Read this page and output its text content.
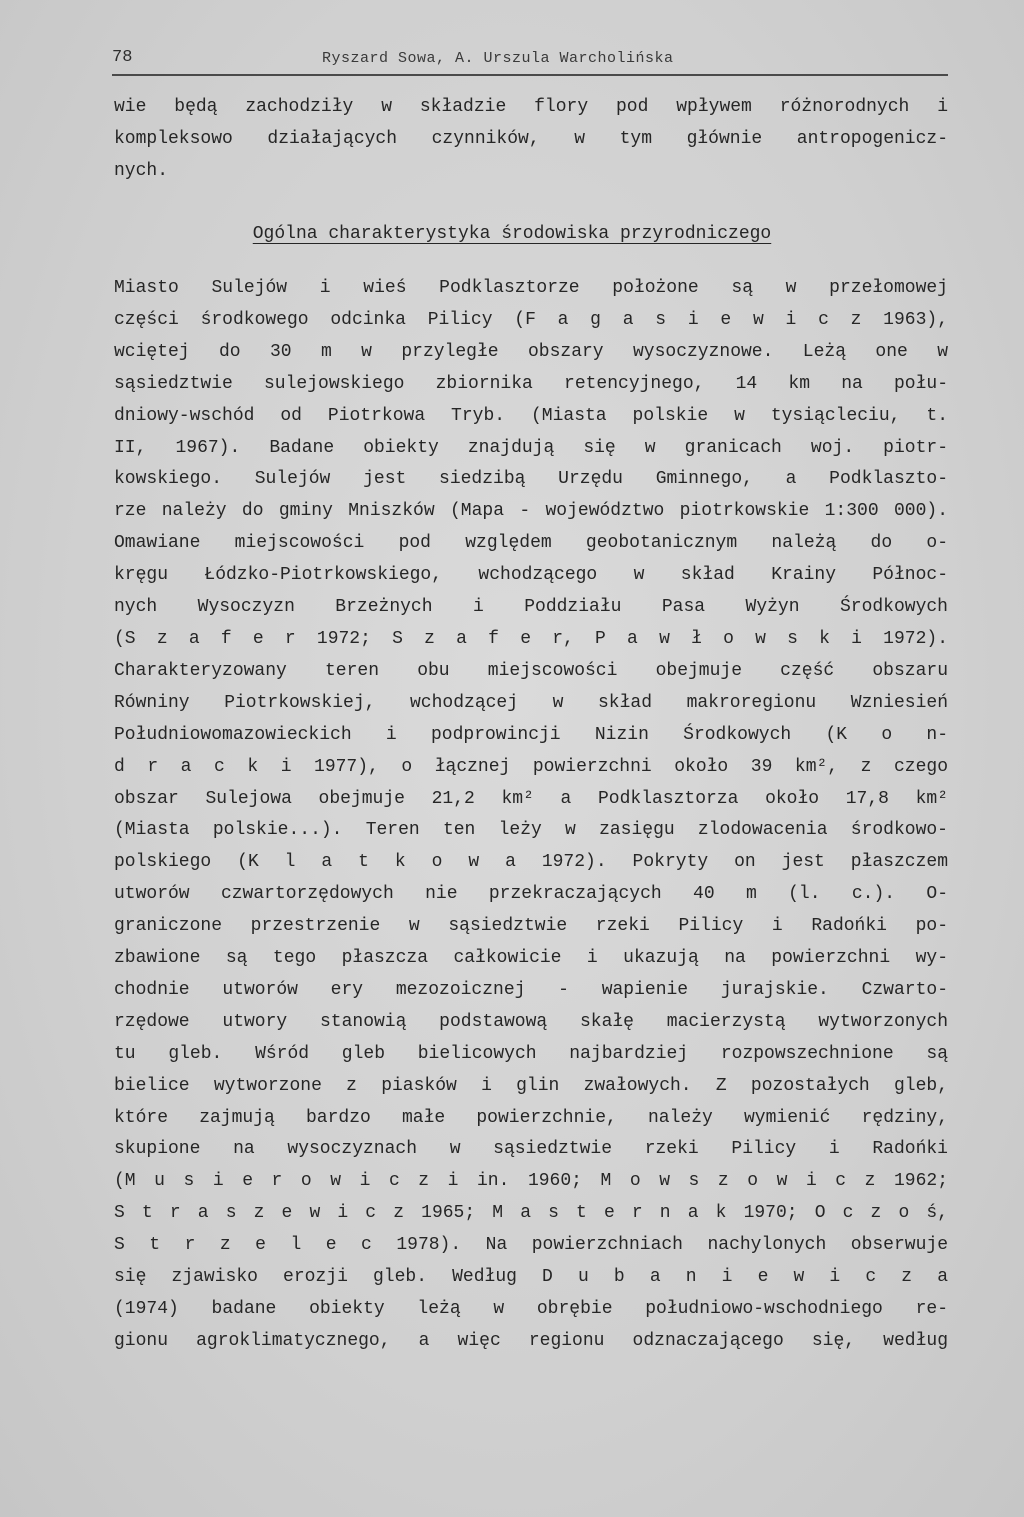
78	Ryszard Sowa, A. Urszula Warcholińska
wie będą zachodziły w składzie flory pod wpływem różnorodnych i
kompleksowo działających czynników, w tym głównie antropogenicz-
nych.
Ogólna charakterystyka środowiska przyrodniczego
Miasto Sulejów i wieś Podklasztorze położone są w przełomowej
części środkowego odcinka Pilicy (F a g a s i e w i c z 1963),
wciętej do 30 m w przyległe obszary wysoczyznowe. Leżą one w
sąsiedztwie sulejowskiego zbiornika retencyjnego, 14 km na połu-
dniowy-wschód od Piotrkowa Tryb. (Miasta polskie w tysiącleciu, t.
II, 1967). Badane obiekty znajdują się w granicach woj. piotr-
kowskiego. Sulejów jest siedzibą Urzędu Gminnego, a Podklaszto-
rze należy do gminy Mniszków (Mapa - województwo piotrkowskie 1:300 000).
Omawiane miejscowości pod względem geobotanicznym należą do o-
kręgu Łódzko-Piotrkowskiego, wchodzącego w skład Krainy Północ-
nych Wysoczyzn Brzeżnych i Poddziału Pasa Wyżyn Środkowych
(S z a f e r 1972; S z a f e r, P a w ł o w s k i 1972).
Charakteryzowany teren obu miejscowości obejmuje część obszaru
Równiny Piotrkowskiej, wchodzącej w skład makroregionu Wzniesień
Południowomazowieckich i podprowincji Nizin Środkowych (K o n-
d r a c k i 1977), o łącznej powierzchni około 39 km², z czego
obszar Sulejowa obejmuje 21,2 km² a Podklasztorza około 17,8 km²
(Miasta polskie...). Teren ten leży w zasięgu zlodowacenia środkowo-
polskiego (K l a t k o w a 1972). Pokryty on jest płaszczem
utworów czwartorzędowych nie przekraczających 40 m (l. c.). O-
graniczone przestrzenie w sąsiedztwie rzeki Pilicy i Radońki po-
zbawione są tego płaszcza całkowicie i ukazują na powierzchni wy-
chodnie utworów ery mezozoicznej - wapienie jurajskie. Czwarto-
rzędowe utwory stanowią podstawową skałę macierzystą wytworzonych
tu gleb. Wśród gleb bielicowych najbardziej rozpowszechnione są
bielice wytworzone z piasków i glin zwałowych. Z pozostałych gleb,
które zajmują bardzo małe powierzchnie, należy wymienić rędziny,
skupione na wysoczyznach w sąsiedztwie rzeki Pilicy i Radońki
(M u s i e r o w i c z i in. 1960; M o w s z o w i c z 1962;
S t r a s z e w i c z 1965; M a s t e r n a k 1970; O c z o ś,
S t r z e l e c 1978). Na powierzchniach nachylonych obserwuje
się zjawisko erozji gleb. Według D u b a n i e w i c z a
(1974) badane obiekty leżą w obrębie południowo-wschodniego re-
gionu agroklimatycznego, a więc regionu odznaczającego się, według
